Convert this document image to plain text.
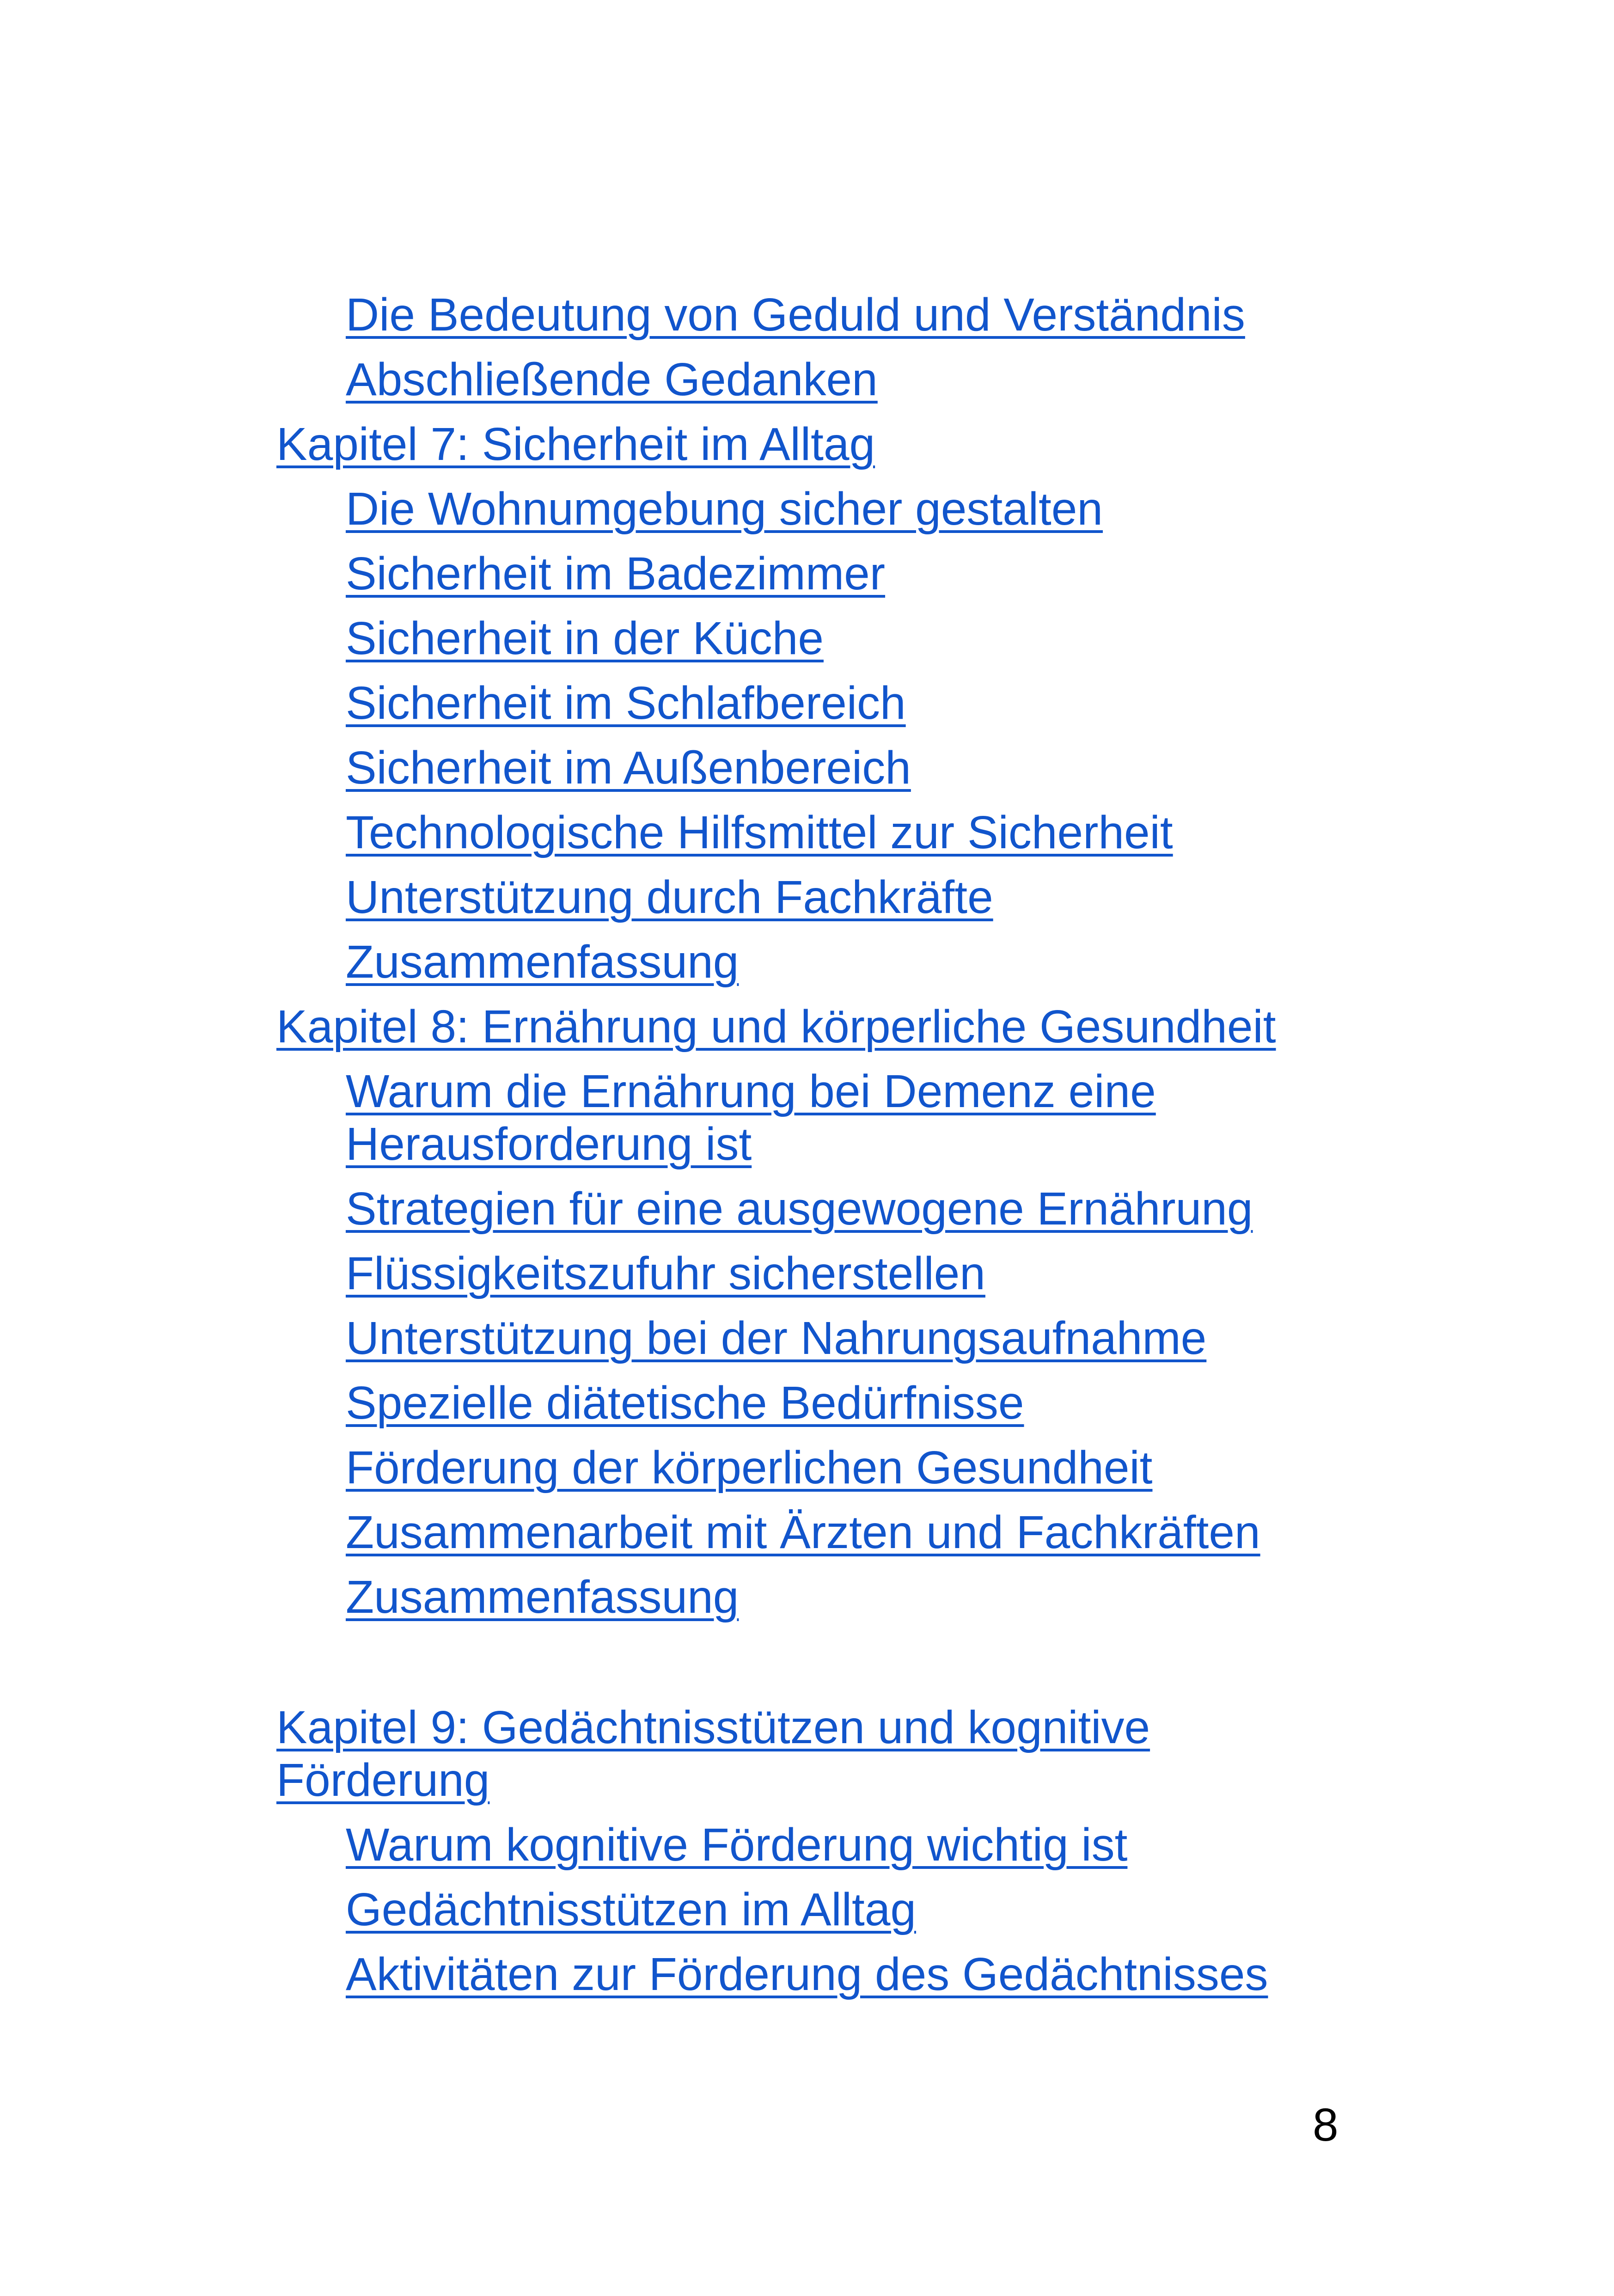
Die Bedeutung von Geduld und Verständnis
Abschließende Gedanken
Kapitel 7: Sicherheit im Alltag
Die Wohnumgebung sicher gestalten
Sicherheit im Badezimmer
Sicherheit in der Küche
Sicherheit im Schlafbereich
Sicherheit im Außenbereich
Technologische Hilfsmittel zur Sicherheit
Unterstützung durch Fachkräfte
Zusammenfassung
Kapitel 8: Ernährung und körperliche Gesundheit
Warum die Ernährung bei Demenz eine
Herausforderung ist
Strategien für eine ausgewogene Ernährung
Flüssigkeitszufuhr sicherstellen
Unterstützung bei der Nahrungsaufnahme
Spezielle diätetische Bedürfnisse
Förderung der körperlichen Gesundheit
Zusammenarbeit mit Ärzten und Fachkräften
Zusammenfassung
Kapitel 9: Gedächtnisstützen und kognitive
Förderung
Warum kognitive Förderung wichtig ist
Gedächtnisstützen im Alltag
Aktivitäten zur Förderung des Gedächtnisses
8
